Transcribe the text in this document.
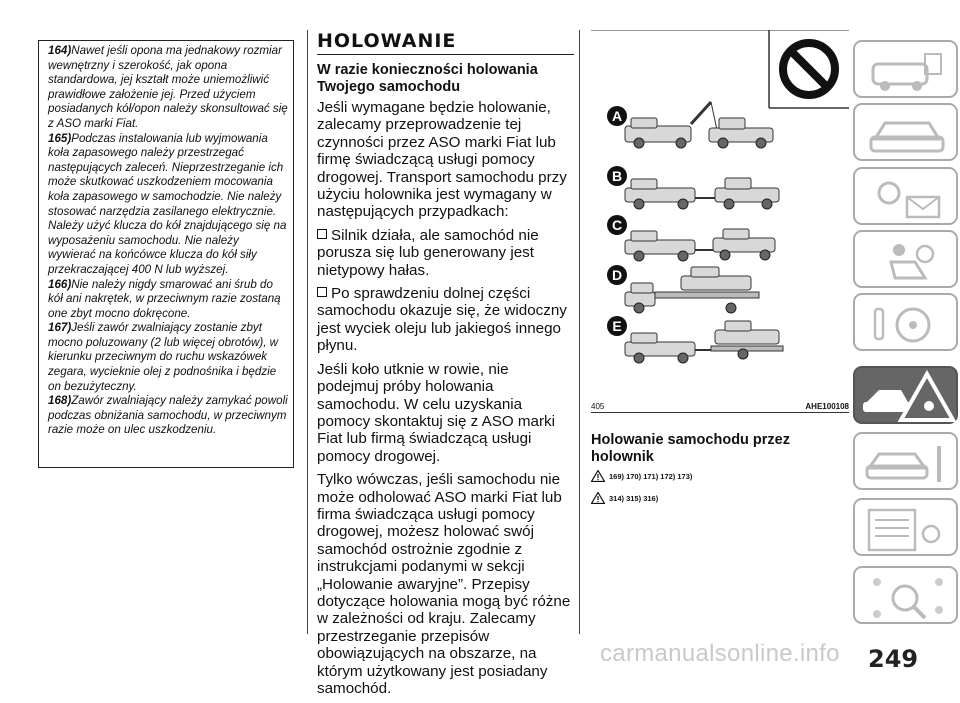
164)Nawet jeśli opona ma jednakowy rozmiar wewnętrzny i szerokość, jak opona standardowa, jej kształt może uniemożliwić prawidłowe założenie jej. Przed użyciem posiadanych kół/opon należy skonsultować się z ASO marki Fiat.

165)Podczas instalowania lub wyjmowania koła zapasowego należy przestrzegać następujących zaleceń. Nieprzestrzeganie ich może skutkować uszkodzeniem mocowania koła zapasowego w samochodzie. Nie należy stosować narzędzia zasilanego elektrycznie. Należy użyć klucza do kół znajdującego się na wyposażeniu samochodu. Nie należy wywierać na końcówce klucza do kół siły przekraczającej 400 N lub wyższej.

166)Nie należy nigdy smarować ani śrub do kół ani nakrętek, w przeciwnym razie zostaną one zbyt mocno dokręcone.

167)Jeśli zawór zwalniający zostanie zbyt mocno poluzowany (2 lub więcej obrotów), w kierunku przeciwnym do ruchu wskazówek zegara, wycieknie olej z podnośnika i będzie on bezużyteczny.

168)Zawór zwalniający należy zamykać powoli podczas obniżania samochodu, w przeciwnym razie może on ulec uszkodzeniu.

HOLOWANIE
W razie konieczności holowania Twojego samochodu

Jeśli wymagane będzie holowanie, zalecamy przeprowadzenie tej czynności przez ASO marki Fiat lub firmę świadczącą usługi pomocy drogowej. Transport samochodu przy użyciu holownika jest wymagany w następujących przypadkach:

Silnik działa, ale samochód nie porusza się lub generowany jest nietypowy hałas.

Po sprawdzeniu dolnej części samochodu okazuje się, że widoczny jest wyciek oleju lub jakiegoś innego płynu.

Jeśli koło utknie w rowie, nie podejmuj próby holowania samochodu. W celu uzyskania pomocy skontaktuj się z ASO marki Fiat lub firmą świadczącą usługi pomocy drogowej.

Tylko wówczas, jeśli samochodu nie może odholować ASO marki Fiat lub firma świadcząca usługi pomocy drogowej, możesz holować swój samochód ostrożnie zgodnie z instrukcjami podanymi w sekcji „Holowanie awaryjne”. Przepisy dotyczące holowania mogą być różne w zależności od kraju. Zalecamy przestrzeganie przepisów obowiązujących na obszarze, na którym użytkowany jest posiadany samochód.

A
B
C
D
E
405	AHE100108
Holowanie samochodu przez holownik
169) 170) 171) 172) 173)
314) 315) 316)
carmanualsonline.info 249
